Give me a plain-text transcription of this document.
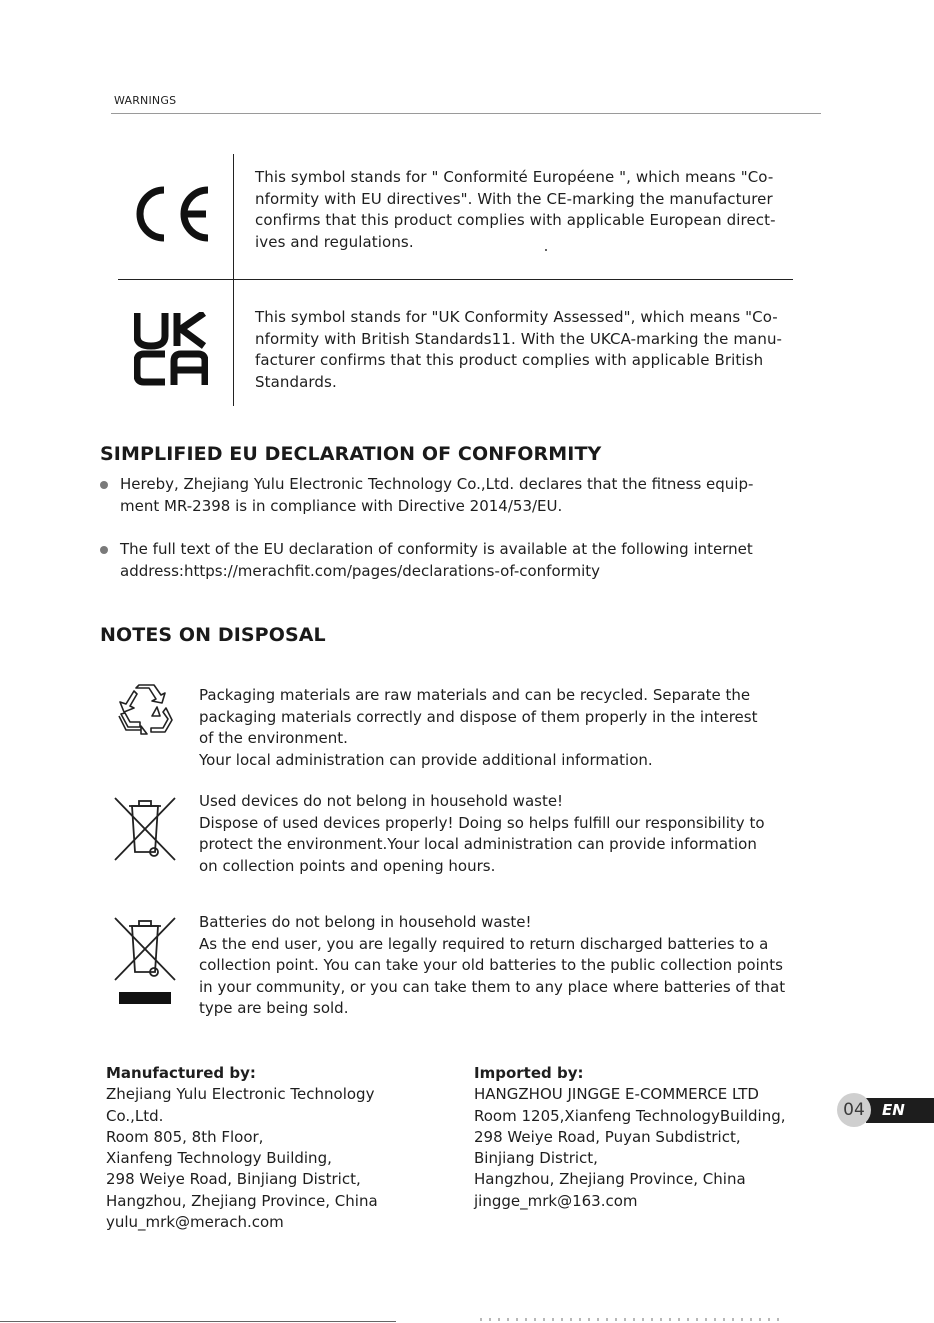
WARNINGS
This symbol stands for " Conformité Européene ", which means "Co-
nformity with EU directives". With the CE-marking the manufacturer
confirms that this product complies with applicable European direct-
ives and regulations.
This symbol stands for "UK Conformity Assessed", which means "Co-
nformity with British Standards11. With the UKCA-marking the manu-
facturer confirms that this product complies with applicable British
Standards.
SIMPLIFIED EU DECLARATION OF CONFORMITY
Hereby, Zhejiang Yulu Electronic Technology Co.,Ltd. declares that the fitness equip-
ment MR-2398 is in compliance with Directive 2014/53/EU.
The full text of the EU declaration of conformity is available at the following internet
address:https://merachfit.com/pages/declarations-of-conformity
NOTES ON DISPOSAL
Packaging materials are raw materials and can be recycled. Separate the
packaging materials correctly and dispose of them properly in the interest
of the environment.
Your local administration can provide additional information.
Used devices do not belong in household waste!
Dispose of used devices properly! Doing so helps fulfill our responsibility to
protect the environment.Your local administration can provide information
on collection points and opening hours.
Batteries do not belong in household waste!
As the end user, you are legally required to return discharged batteries to a
collection point. You can take your old batteries to the public collection points
in your community, or you can take them to any place where batteries of that
type are being sold.
Manufactured by:
Zhejiang Yulu Electronic Technology
Co.,Ltd.
Room 805, 8th Floor,
Xianfeng Technology Building,
298 Weiye Road, Binjiang District,
Hangzhou, Zhejiang Province, China
yulu_mrk@merach.com
Imported by:
HANGZHOU JINGGE E-COMMERCE LTD
Room 1205,Xianfeng TechnologyBuilding,
298 Weiye Road, Puyan Subdistrict,
Binjiang District,
Hangzhou, Zhejiang Province, China
jingge_mrk@163.com
EN
04
